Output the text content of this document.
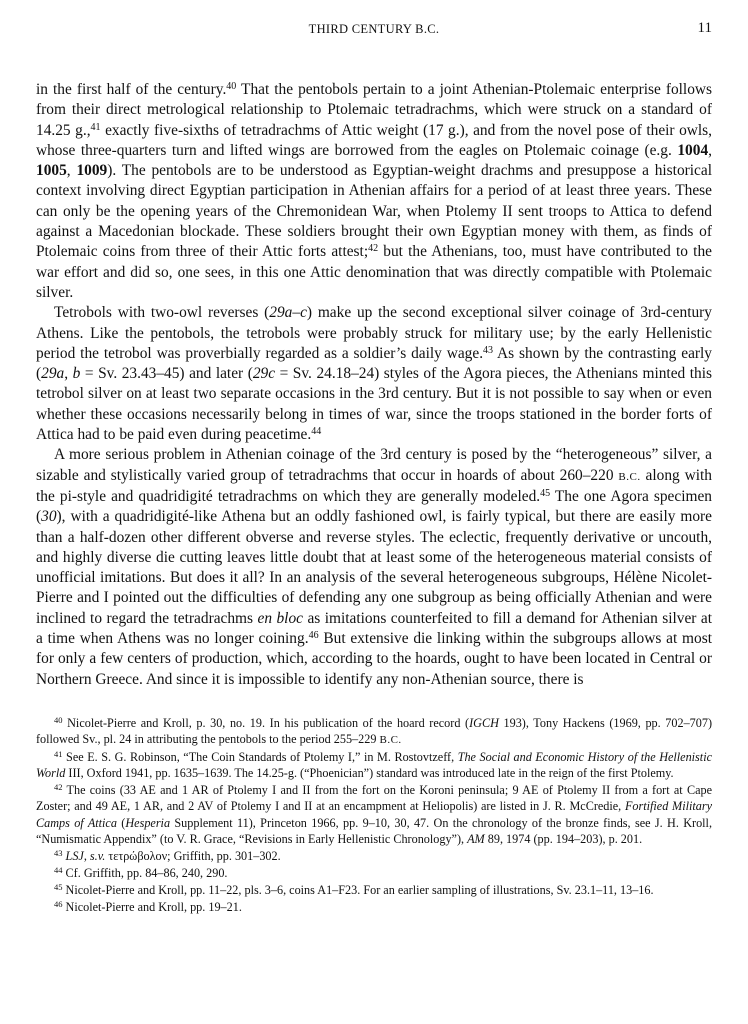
THIRD CENTURY B.C.	11

in the first half of the century.$^{40}$ That the pentobols pertain to a joint Athenian-Ptolemaic enterprise follows from their direct metrological relationship to Ptolemaic tetradrachms, which were struck on a standard of 14.25 g.,$^{41}$ exactly five-sixths of tetradrachms of Attic weight (17 g.), and from the novel pose of their owls, whose three-quarters turn and lifted wings are borrowed from the eagles on Ptolemaic coinage (e.g. 1004, 1005, 1009). The pentobols are to be understood as Egyptian-weight drachms and presuppose a historical context involving direct Egyptian participation in Athenian affairs for a period of at least three years. These can only be the opening years of the Chremonidean War, when Ptolemy II sent troops to Attica to defend against a Macedonian blockade. These soldiers brought their own Egyptian money with them, as finds of Ptolemaic coins from three of their Attic forts attest;$^{42}$ but the Athenians, too, must have contributed to the war effort and did so, one sees, in this one Attic denomination that was directly compatible with Ptolemaic silver.

Tetrobols with two-owl reverses (29a–c) make up the second exceptional silver coinage of 3rd-century Athens. Like the pentobols, the tetrobols were probably struck for military use; by the early Hellenistic period the tetrobol was proverbially regarded as a soldier’s daily wage.$^{43}$ As shown by the contrasting early (29a, b = Sv. 23.43–45) and later (29c = Sv. 24.18–24) styles of the Agora pieces, the Athenians minted this tetrobol silver on at least two separate occasions in the 3rd century. But it is not possible to say when or even whether these occasions necessarily belong in times of war, since the troops stationed in the border forts of Attica had to be paid even during peacetime.$^{44}$

A more serious problem in Athenian coinage of the 3rd century is posed by the “heterogeneous” silver, a sizable and stylistically varied group of tetradrachms that occur in hoards of about 260–220 B.C. along with the pi-style and quadridigité tetradrachms on which they are generally modeled.$^{45}$ The one Agora specimen (30), with a quadridigité-like Athena but an oddly fashioned owl, is fairly typical, but there are easily more than a half-dozen other different obverse and reverse styles. The eclectic, frequently derivative or uncouth, and highly diverse die cutting leaves little doubt that at least some of the heterogeneous material consists of unofficial imitations. But does it all? In an analysis of the several heterogeneous subgroups, Hélène Nicolet-Pierre and I pointed out the difficulties of defending any one subgroup as being officially Athenian and were inclined to regard the tetradrachms en bloc as imitations counterfeited to fill a demand for Athenian silver at a time when Athens was no longer coining.$^{46}$ But extensive die linking within the subgroups allows at most for only a few centers of production, which, according to the hoards, ought to have been located in Central or Northern Greece. And since it is impossible to identify any non-Athenian source, there is

$^{40}$ Nicolet-Pierre and Kroll, p. 30, no. 19. In his publication of the hoard record (IGCH 193), Tony Hackens (1969, pp. 702–707) followed Sv., pl. 24 in attributing the pentobols to the period 255–229 B.C.

$^{41}$ See E. S. G. Robinson, “The Coin Standards of Ptolemy I,” in M. Rostovtzeff, The Social and Economic History of the Hellenistic World III, Oxford 1941, pp. 1635–1639. The 14.25-g. (“Phoenician”) standard was introduced late in the reign of the first Ptolemy.

$^{42}$ The coins (33 AE and 1 AR of Ptolemy I and II from the fort on the Koroni peninsula; 9 AE of Ptolemy II from a fort at Cape Zoster; and 49 AE, 1 AR, and 2 AV of Ptolemy I and II at an encampment at Heliopolis) are listed in J. R. McCredie, Fortified Military Camps of Attica (Hesperia Supplement 11), Princeton 1966, pp. 9–10, 30, 47. On the chronology of the bronze finds, see J. H. Kroll, “Numismatic Appendix” (to V. R. Grace, “Revisions in Early Hellenistic Chronology”), AM 89, 1974 (pp. 194–203), p. 201.

$^{43}$ LSJ, s.v. τετρώβολον; Griffith, pp. 301–302.

$^{44}$ Cf. Griffith, pp. 84–86, 240, 290.

$^{45}$ Nicolet-Pierre and Kroll, pp. 11–22, pls. 3–6, coins A1–F23. For an earlier sampling of illustrations, Sv. 23.1–11, 13–16.

$^{46}$ Nicolet-Pierre and Kroll, pp. 19–21.
